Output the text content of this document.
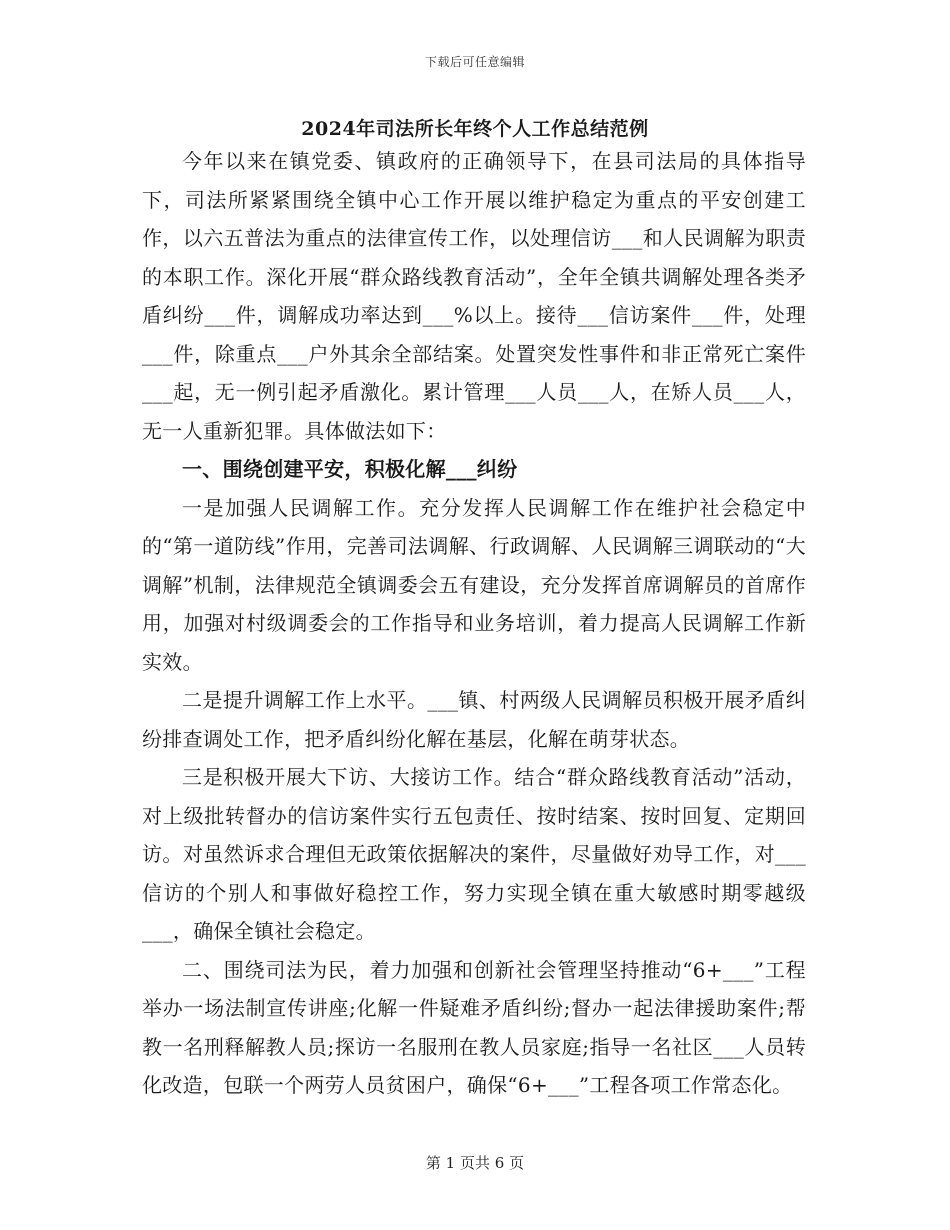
下载后可任意编辑
2024年司法所长年终个人工作总结范例

今年以来在镇党委、镇政府的正确领导下，在县司法局的具体指导下，司法所紧紧围绕全镇中心工作开展以维护稳定为重点的平安创建工作，以六五普法为重点的法律宣传工作，以处理信访___和人民调解为职责的本职工作。深化开展“群众路线教育活动”，全年全镇共调解处理各类矛盾纠纷___件，调解成功率达到___%以上。接待___信访案件___件，处理___件，除重点___户外其余全部结案。处置突发性事件和非正常死亡案件___起，无一例引起矛盾激化。累计管理___人员___人，在矫人员___人，无一人重新犯罪。具体做法如下：

一、围绕创建平安，积极化解___纠纷

一是加强人民调解工作。充分发挥人民调解工作在维护社会稳定中的“第一道防线”作用，完善司法调解、行政调解、人民调解三调联动的“大调解”机制，法律规范全镇调委会五有建设，充分发挥首席调解员的首席作用，加强对村级调委会的工作指导和业务培训，着力提高人民调解工作新实效。

二是提升调解工作上水平。___镇、村两级人民调解员积极开展矛盾纠纷排查调处工作，把矛盾纠纷化解在基层，化解在萌芽状态。

三是积极开展大下访、大接访工作。结合“群众路线教育活动”活动，对上级批转督办的信访案件实行五包责任、按时结案、按时回复、定期回访。对虽然诉求合理但无政策依据解决的案件，尽量做好劝导工作，对___信访的个别人和事做好稳控工作，努力实现全镇在重大敏感时期零越级___，确保全镇社会稳定。

二、围绕司法为民，着力加强和创新社会管理坚持推动“6+___”工程举办一场法制宣传讲座;化解一件疑难矛盾纠纷;督办一起法律援助案件;帮教一名刑释解教人员;探访一名服刑在教人员家庭;指导一名社区___人员转化改造，包联一个两劳人员贫困户，确保“6+___”工程各项工作常态化。

第 1 页共 6 页
